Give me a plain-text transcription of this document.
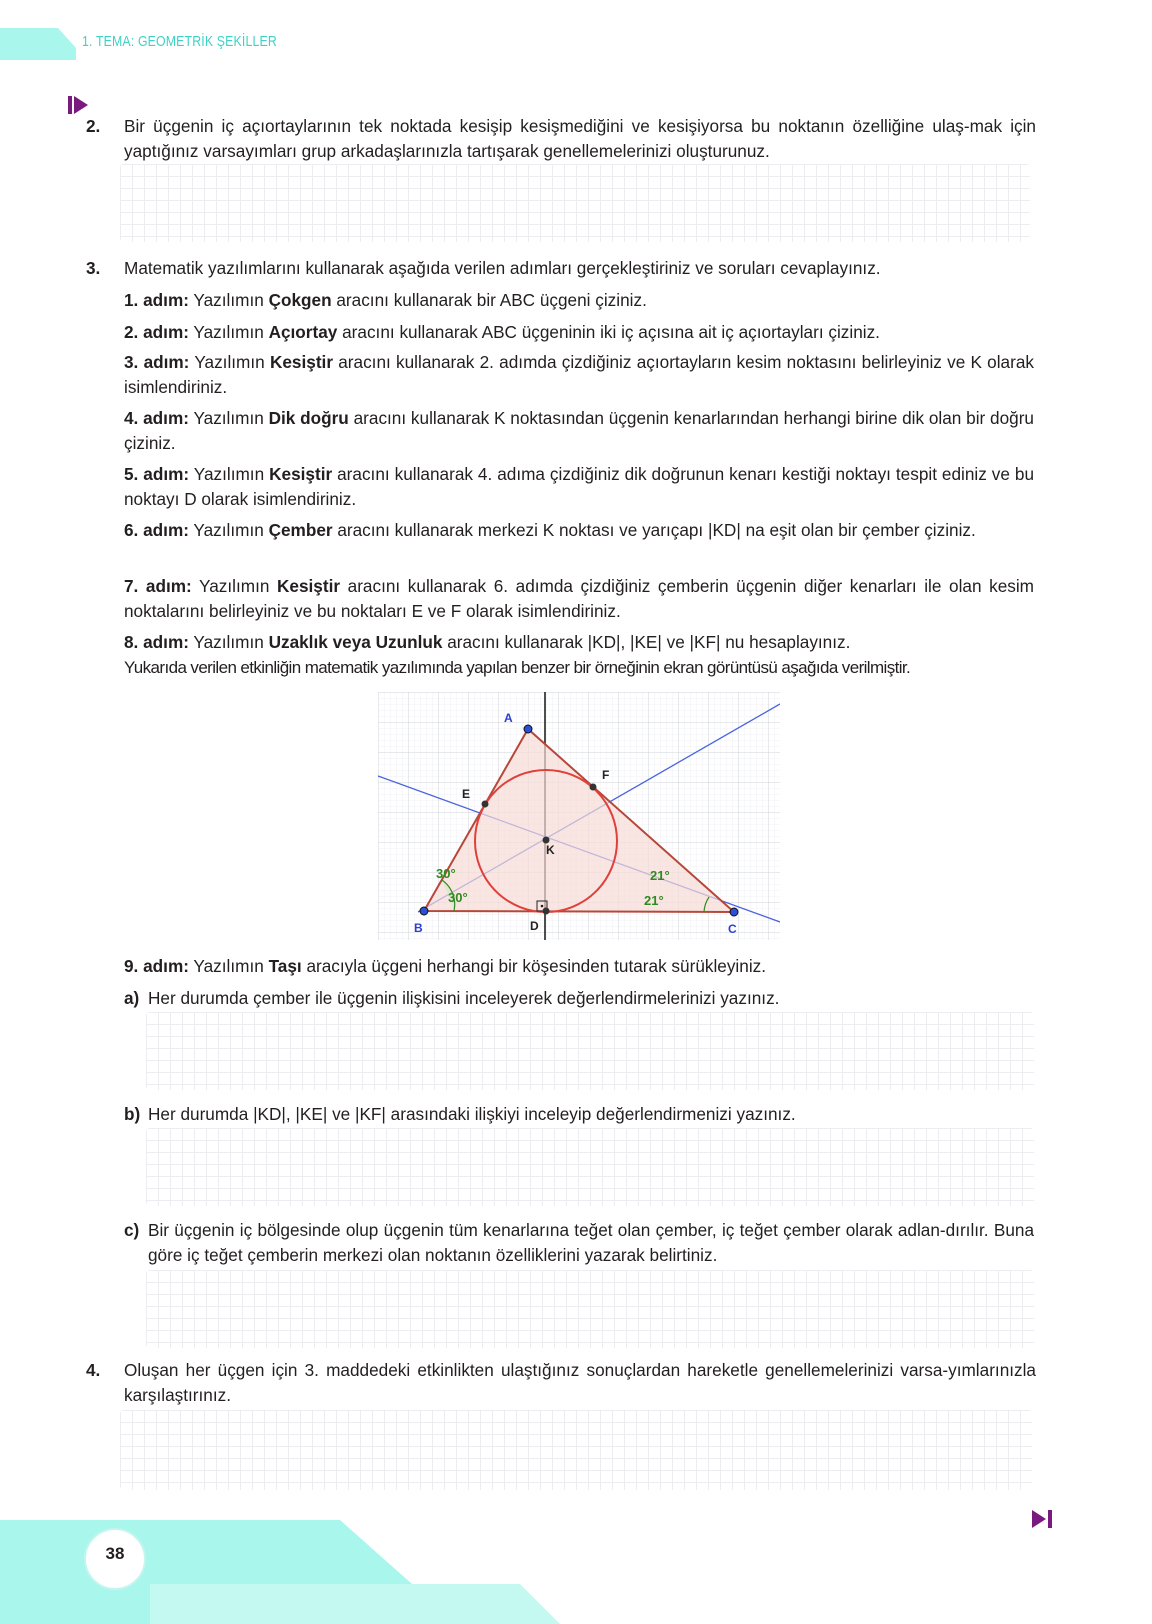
1. TEMA: GEOMETRİK ŞEKİLLER
2. Bir üçgenin iç açıortaylarının tek noktada kesişip kesişmediğini ve kesişiyorsa bu noktanın özelliğine ulaş-mak için yaptığınız varsayımları grup arkadaşlarınızla tartışarak genellemelerinizi oluşturunuz.
3. Matematik yazılımlarını kullanarak aşağıda verilen adımları gerçekleştiriniz ve soruları cevaplayınız.
1. adım: Yazılımın Çokgen aracını kullanarak bir ABC üçgeni çiziniz.
2. adım: Yazılımın Açıortay aracını kullanarak ABC üçgeninin iki iç açısına ait iç açıortayları çiziniz.
3. adım: Yazılımın Kesiştir aracını kullanarak 2. adımda çizdiğiniz açıortayların kesim noktasını belirleyiniz ve K olarak isimlendiriniz.
4. adım: Yazılımın Dik doğru aracını kullanarak K noktasından üçgenin kenarlarından herhangi birine dik olan bir doğru çiziniz.
5. adım: Yazılımın Kesiştir aracını kullanarak 4. adıma çizdiğiniz dik doğrunun kenarı kestiği noktayı tespit ediniz ve bu noktayı D olarak isimlendiriniz.
6. adım: Yazılımın Çember aracını kullanarak merkezi K noktası ve yarıçapı |KD| na eşit olan bir çember çiziniz.
7. adım: Yazılımın Kesiştir aracını kullanarak 6. adımda çizdiğiniz çemberin üçgenin diğer kenarları ile olan kesim noktalarını belirleyiniz ve bu noktaları E ve F olarak isimlendiriniz.
8. adım: Yazılımın Uzaklık veya Uzunluk aracını kullanarak |KD|, |KE| ve |KF| nu hesaplayınız.
Yukarıda verilen etkinliğin matematik yazılımında yapılan benzer bir örneğinin ekran görüntüsü aşağıda verilmiştir.
A
B	C
D
E
F
K
30°
30°
21°
21°
9. adım: Yazılımın Taşı aracıyla üçgeni herhangi bir köşesinden tutarak sürükleyiniz.
a) Her durumda çember ile üçgenin ilişkisini inceleyerek değerlendirmelerinizi yazınız.
b) Her durumda |KD|, |KE| ve |KF| arasındaki ilişkiyi inceleyip değerlendirmenizi yazınız.
c) Bir üçgenin iç bölgesinde olup üçgenin tüm kenarlarına teğet olan çember, iç teğet çember olarak adlan-dırılır. Buna göre iç teğet çemberin merkezi olan noktanın özelliklerini yazarak belirtiniz.
4. Oluşan her üçgen için 3. maddedeki etkinlikten ulaştığınız sonuçlardan hareketle genellemelerinizi varsa-yımlarınızla karşılaştırınız.
38
